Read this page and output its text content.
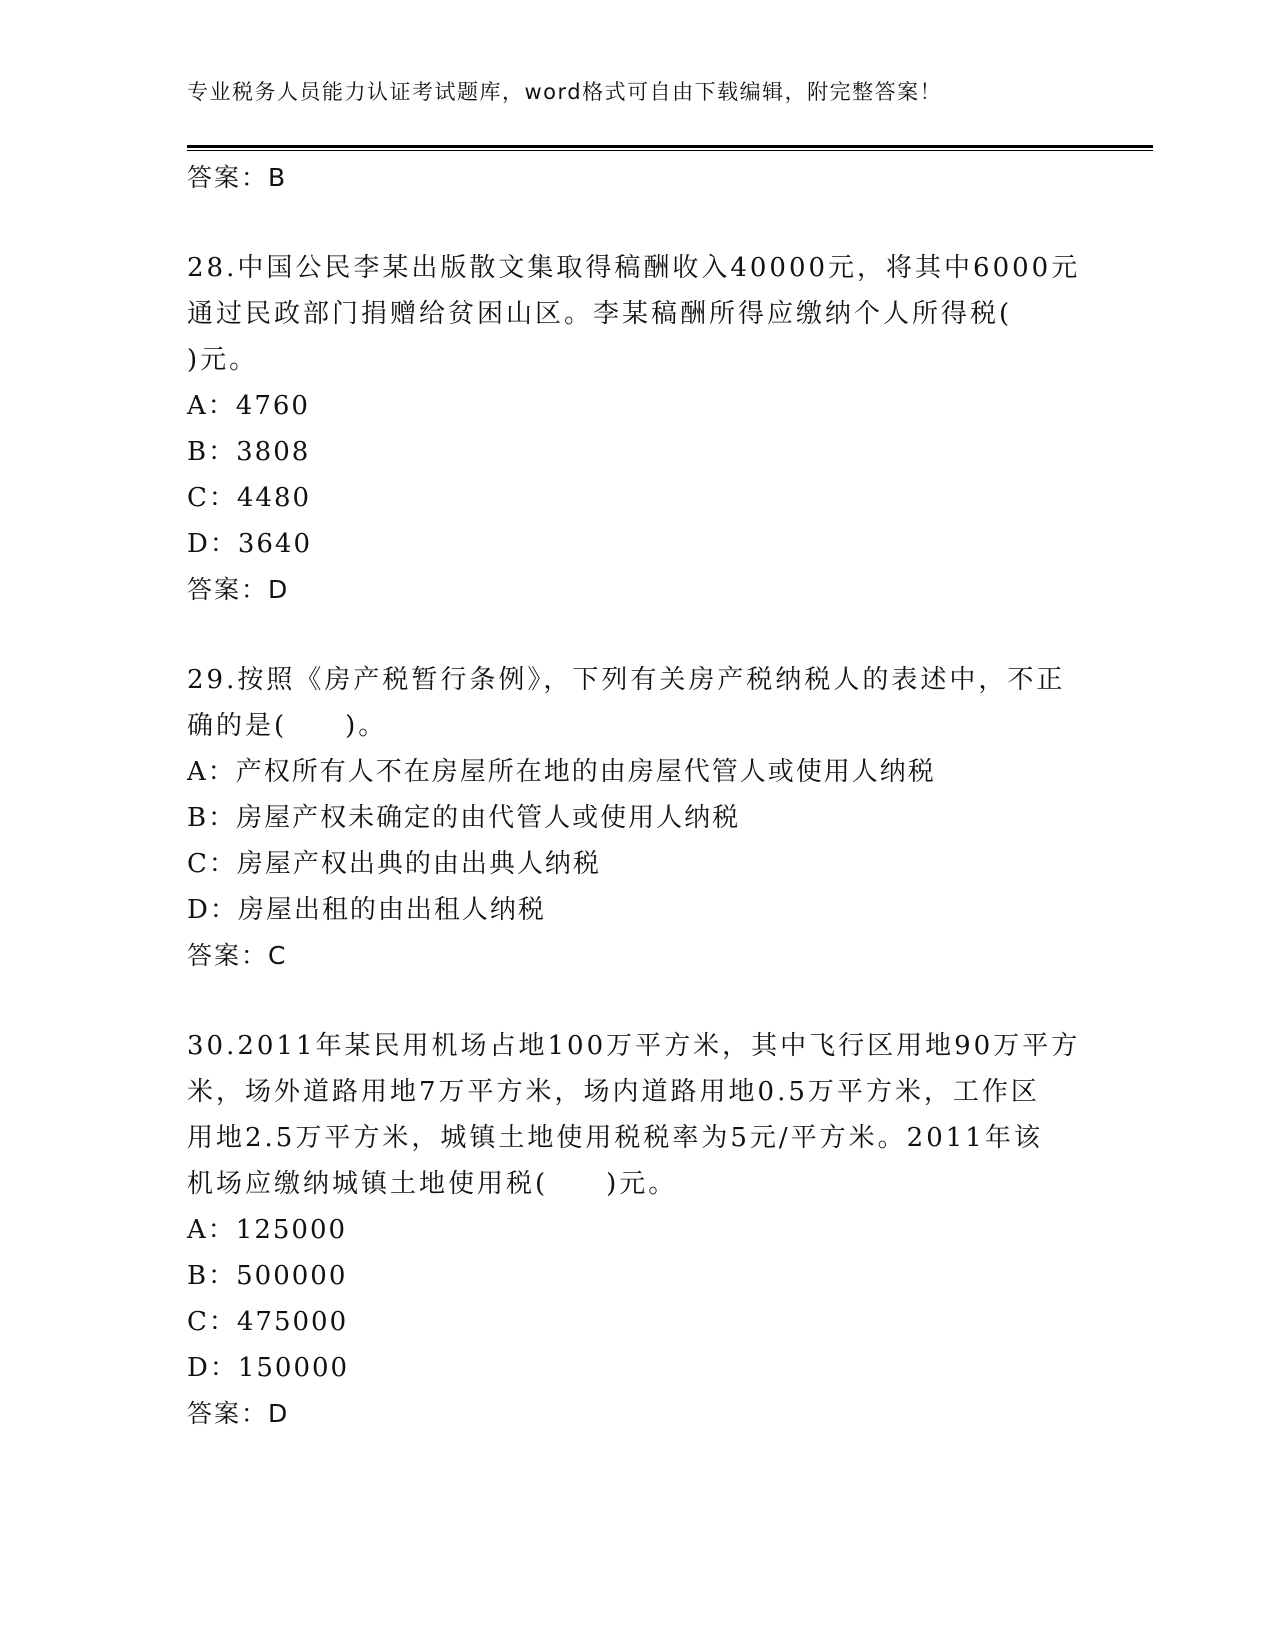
专业税务人员能力认证考试题库，word格式可自由下载编辑，附完整答案！
答案：B
28.中国公民李某出版散文集取得稿酬收入40000元，将其中6000元
通过民政部门捐赠给贫困山区。李某稿酬所得应缴纳个人所得税(
)元。
A：4760
B：3808
C：4480
D：3640
答案：D
29.按照《房产税暂行条例》，下列有关房产税纳税人的表述中，不正
确的是(　　)。
A：产权所有人不在房屋所在地的由房屋代管人或使用人纳税
B：房屋产权未确定的由代管人或使用人纳税
C：房屋产权出典的由出典人纳税
D：房屋出租的由出租人纳税
答案：C
30.2011年某民用机场占地100万平方米，其中飞行区用地90万平方
米，场外道路用地7万平方米，场内道路用地0.5万平方米，工作区
用地2.5万平方米，城镇土地使用税税率为5元/平方米。2011年该
机场应缴纳城镇土地使用税(　　)元。
A：125000
B：500000
C：475000
D：150000
答案：D
